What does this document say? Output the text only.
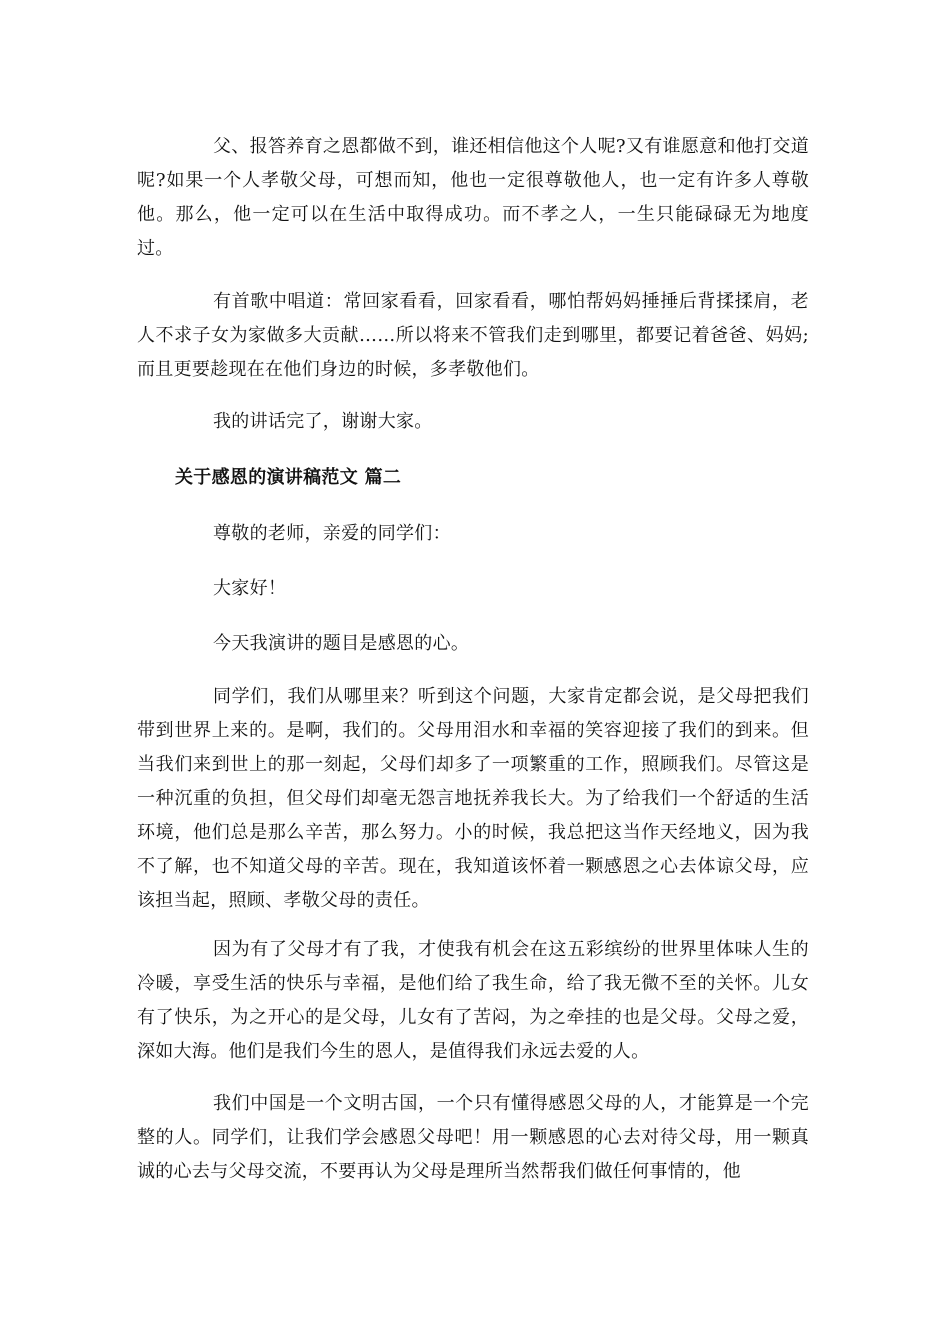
父、报答养育之恩都做不到，谁还相信他这个人呢?又有谁愿意和他打交道呢?如果一个人孝敬父母，可想而知，他也一定很尊敬他人，也一定有许多人尊敬他。那么，他一定可以在生活中取得成功。而不孝之人，一生只能碌碌无为地度过。

有首歌中唱道：常回家看看，回家看看，哪怕帮妈妈捶捶后背揉揉肩，老人不求子女为家做多大贡献……所以将来不管我们走到哪里，都要记着爸爸、妈妈;而且更要趁现在在他们身边的时候，多孝敬他们。

我的讲话完了，谢谢大家。

关于感恩的演讲稿范文 篇二

尊敬的老师，亲爱的同学们：

大家好！

今天我演讲的题目是感恩的心。

同学们，我们从哪里来？听到这个问题，大家肯定都会说，是父母把我们带到世界上来的。是啊，我们的。父母用泪水和幸福的笑容迎接了我们的到来。但当我们来到世上的那一刻起，父母们却多了一项繁重的工作，照顾我们。尽管这是一种沉重的负担，但父母们却毫无怨言地抚养我长大。为了给我们一个舒适的生活环境，他们总是那么辛苦，那么努力。小的时候，我总把这当作天经地义，因为我不了解，也不知道父母的辛苦。现在，我知道该怀着一颗感恩之心去体谅父母，应该担当起，照顾、孝敬父母的责任。

因为有了父母才有了我，才使我有机会在这五彩缤纷的世界里体味人生的冷暖，享受生活的快乐与幸福，是他们给了我生命，给了我无微不至的关怀。儿女有了快乐，为之开心的是父母，儿女有了苦闷，为之牵挂的也是父母。父母之爱，深如大海。他们是我们今生的恩人，是值得我们永远去爱的人。

我们中国是一个文明古国，一个只有懂得感恩父母的人，才能算是一个完整的人。同学们，让我们学会感恩父母吧！用一颗感恩的心去对待父母，用一颗真诚的心去与父母交流，不要再认为父母是理所当然帮我们做任何事情的，他
